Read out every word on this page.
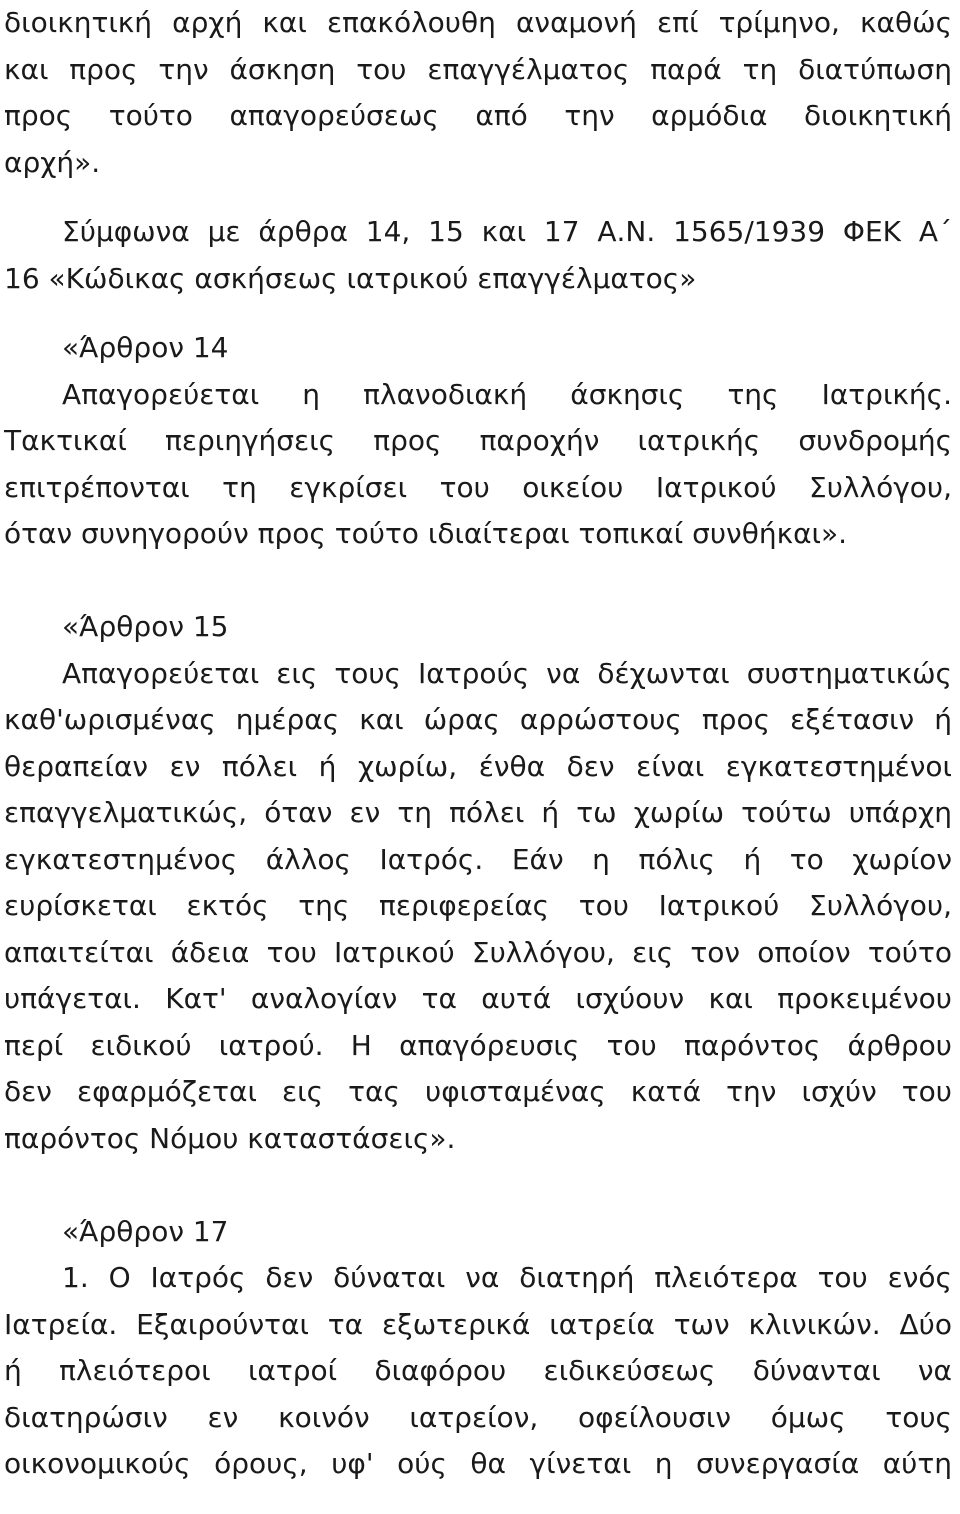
διοικητική αρχή και επακόλουθη αναμονή επί τρίμηνο, καθώς
και προς την άσκηση του επαγγέλματος παρά τη διατύπωση
προς τούτο απαγορεύσεως από την αρμόδια διοικητική
αρχή».
Σύμφωνα με άρθρα 14, 15 και 17 Α.Ν. 1565/1939 ΦΕΚ Α΄
16 «Κώδικας ασκήσεως ιατρικού επαγγέλματος»
«Άρθρον 14
Απαγορεύεται η πλανοδιακή άσκησις της Ιατρικής.
Τακτικαί περιηγήσεις προς παροχήν ιατρικής συνδρομής
επιτρέπονται τη εγκρίσει του οικείου Ιατρικού Συλλόγου,
όταν συνηγορούν προς τούτο ιδιαίτεραι τοπικαί συνθήκαι».
«Άρθρον 15
Απαγορεύεται εις τους Ιατρούς να δέχωνται συστηματικώς
καθ'ωρισμένας ημέρας και ώρας αρρώστους προς εξέτασιν ή
θεραπείαν εν πόλει ή χωρίω, ένθα δεν είναι εγκατεστημένοι
επαγγελματικώς, όταν εν τη πόλει ή τω χωρίω τούτω υπάρχη
εγκατεστημένος άλλος Ιατρός. Εάν η πόλις ή το χωρίον
ευρίσκεται εκτός της περιφερείας του Ιατρικού Συλλόγου,
απαιτείται άδεια του Ιατρικού Συλλόγου, εις τον οποίον τούτο
υπάγεται. Κατ' αναλογίαν τα αυτά ισχύουν και προκειμένου
περί ειδικού ιατρού. Η απαγόρευσις του παρόντος άρθρου
δεν εφαρμόζεται εις τας υφισταμένας κατά την ισχύν του
παρόντος Νόμου καταστάσεις».
«Άρθρον 17
1. Ο Ιατρός δεν δύναται να διατηρή πλειότερα του ενός
Ιατρεία. Εξαιρούνται τα εξωτερικά ιατρεία των κλινικών. Δύο
ή πλειότεροι ιατροί διαφόρου ειδικεύσεως δύνανται να
διατηρώσιν εν κοινόν ιατρείον, οφείλουσιν όμως τους
οικονομικούς όρους, υφ' ούς θα γίνεται η συνεργασία αύτη
